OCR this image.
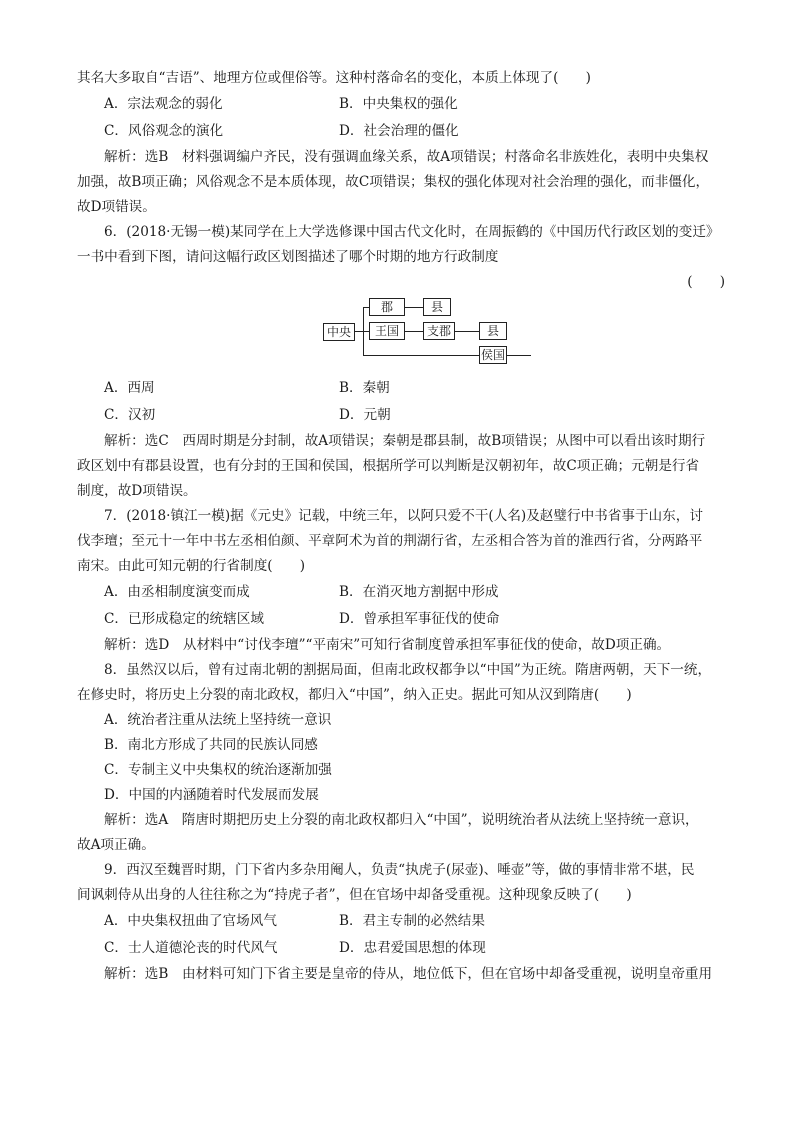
其名大多取自“吉语”、地理方位或俚俗等。这种村落命名的变化，本质上体现了(　　)
A．宗法观念的弱化	B．中央集权的强化
C．风俗观念的演化	D．社会治理的僵化
解析：选B　材料强调编户齐民，没有强调血缘关系，故A项错误；村落命名非族姓化，表明中央集权
加强，故B项正确；风俗观念不是本质体现，故C项错误；集权的强化体现对社会治理的强化，而非僵化，
故D项错误。
6．(2018·无锡一模)某同学在上大学选修课中国古代文化时，在周振鹤的《中国历代行政区划的变迁》
一书中看到下图，请问这幅行政区划图描述了哪个时期的地方行政制度
(　　)
中央
郡	县
王国	支郡	县
侯国
A．西周	B．秦朝
C．汉初	D．元朝
解析：选C　西周时期是分封制，故A项错误；秦朝是郡县制，故B项错误；从图中可以看出该时期行
政区划中有郡县设置，也有分封的王国和侯国，根据所学可以判断是汉朝初年，故C项正确；元朝是行省
制度，故D项错误。
7．(2018·镇江一模)据《元史》记载，中统三年，以阿只爱不干(人名)及赵璧行中书省事于山东，讨
伐李璮；至元十一年中书左丞相伯颜、平章阿术为首的荆湖行省，左丞相合答为首的淮西行省，分两路平
南宋。由此可知元朝的行省制度(　　)
A．由丞相制度演变而成	B．在消灭地方割据中形成
C．已形成稳定的统辖区域	D．曾承担军事征伐的使命
解析：选D　从材料中“讨伐李璮”“平南宋”可知行省制度曾承担军事征伐的使命，故D项正确。
8．虽然汉以后，曾有过南北朝的割据局面，但南北政权都争以“中国”为正统。隋唐两朝，天下一统，
在修史时，将历史上分裂的南北政权，都归入“中国”，纳入正史。据此可知从汉到隋唐(　　)
A．统治者注重从法统上坚持统一意识
B．南北方形成了共同的民族认同感
C．专制主义中央集权的统治逐渐加强
D．中国的内涵随着时代发展而发展
解析：选A　隋唐时期把历史上分裂的南北政权都归入“中国”，说明统治者从法统上坚持统一意识，
故A项正确。
9．西汉至魏晋时期，门下省内多杂用阉人，负责“执虎子(尿壶)、唾壶”等，做的事情非常不堪，民
间讽刺侍从出身的人往往称之为“持虎子者”，但在官场中却备受重视。这种现象反映了(　　)
A．中央集权扭曲了官场风气	B．君主专制的必然结果
C．士人道德沦丧的时代风气	D．忠君爱国思想的体现
解析：选B　由材料可知门下省主要是皇帝的侍从，地位低下，但在官场中却备受重视，说明皇帝重用
